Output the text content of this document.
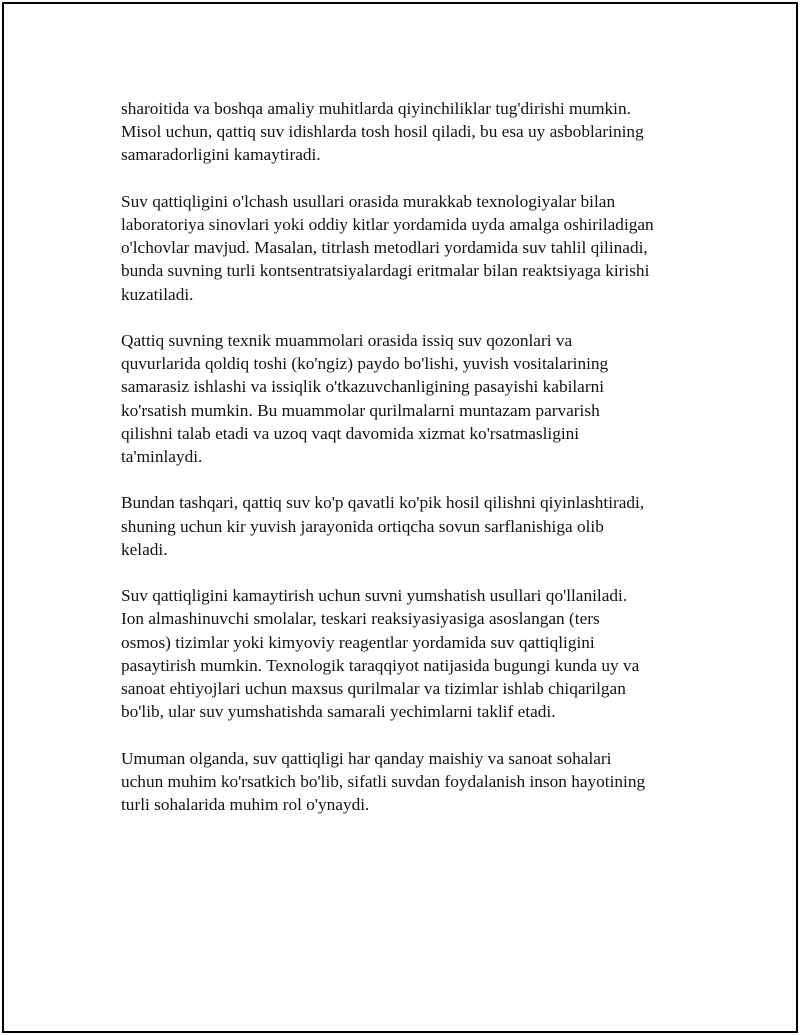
sharoitida va boshqa amaliy muhitlarda qiyinchiliklar tug'dirishi mumkin.
Misol uchun, qattiq suv idishlarda tosh hosil qiladi, bu esa uy asboblarining
samaradorligini kamaytiradi.

Suv qattiqligini o'lchash usullari orasida murakkab texnologiyalar bilan
laboratoriya sinovlari yoki oddiy kitlar yordamida uyda amalga oshiriladigan
o'lchovlar mavjud. Masalan, titrlash metodlari yordamida suv tahlil qilinadi,
bunda suvning turli kontsentratsiyalardagi eritmalar bilan reaktsiyaga kirishi
kuzatiladi.

Qattiq suvning texnik muammolari orasida issiq suv qozonlari va
quvurlarida qoldiq toshi (ko'ngiz) paydo bo'lishi, yuvish vositalarining
samarasiz ishlashi va issiqlik o'tkazuvchanligining pasayishi kabilarni
ko'rsatish mumkin. Bu muammolar qurilmalarni muntazam parvarish
qilishni talab etadi va uzoq vaqt davomida xizmat ko'rsatmasligini
ta'minlaydi.

Bundan tashqari, qattiq suv ko'p qavatli ko'pik hosil qilishni qiyinlashtiradi,
shuning uchun kir yuvish jarayonida ortiqcha sovun sarflanishiga olib
keladi.

Suv qattiqligini kamaytirish uchun suvni yumshatish usullari qo'llaniladi.
Ion almashinuvchi smolalar, teskari reaksiyasiyasiga asoslangan (ters
osmos) tizimlar yoki kimyoviy reagentlar yordamida suv qattiqligini
pasaytirish mumkin. Texnologik taraqqiyot natijasida bugungi kunda uy va
sanoat ehtiyojlari uchun maxsus qurilmalar va tizimlar ishlab chiqarilgan
bo'lib, ular suv yumshatishda samarali yechimlarni taklif etadi.

Umuman olganda, suv qattiqligi har qanday maishiy va sanoat sohalari
uchun muhim ko'rsatkich bo'lib, sifatli suvdan foydalanish inson hayotining
turli sohalarida muhim rol o'ynaydi.
